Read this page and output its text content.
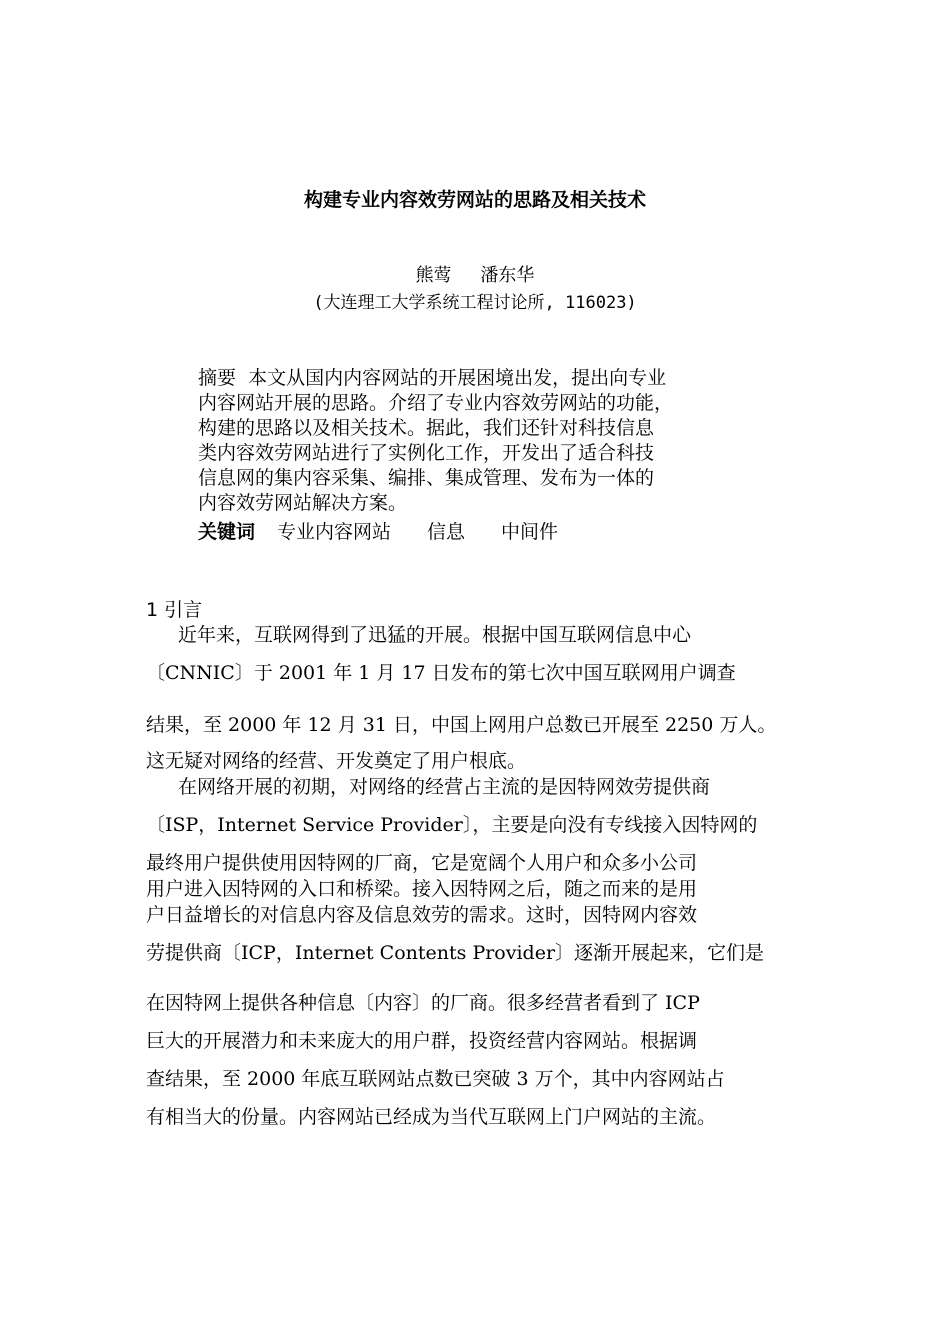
构建专业内容效劳网站的思路及相关技术
熊莺　 潘东华
(大连理工大学系统工程讨论所, 116023)
摘要  本文从国内内容网站的开展困境出发，提出向专业
内容网站开展的思路。介绍了专业内容效劳网站的功能，
构建的思路以及相关技术。据此，我们还针对科技信息
类内容效劳网站进行了实例化工作，开发出了适合科技
信息网的集内容采集、编排、集成管理、发布为一体的
内容效劳网站解决方案。
关键词 专业内容网站 信息 中间件
1 引言
近年来，互联网得到了迅猛的开展。根据中国互联网信息中心
〔CNNIC〕于 2001 年 1 月 17 日发布的第七次中国互联网用户调查
结果，至 2000 年 12 月 31 日，中国上网用户总数已开展至 2250 万人。
这无疑对网络的经营、开发奠定了用户根底。
在网络开展的初期，对网络的经营占主流的是因特网效劳提供商
〔ISP，Internet Service Provider〕，主要是向没有专线接入因特网的
最终用户提供使用因特网的厂商，它是宽阔个人用户和众多小公司
用户进入因特网的入口和桥梁。接入因特网之后，随之而来的是用
户日益增长的对信息内容及信息效劳的需求。这时，因特网内容效
劳提供商〔ICP，Internet Contents Provider〕逐渐开展起来，它们是
在因特网上提供各种信息〔内容〕的厂商。很多经营者看到了 ICP
巨大的开展潜力和未来庞大的用户群，投资经营内容网站。根据调
查结果，至 2000 年底互联网站点数已突破 3 万个，其中内容网站占
有相当大的份量。内容网站已经成为当代互联网上门户网站的主流。
